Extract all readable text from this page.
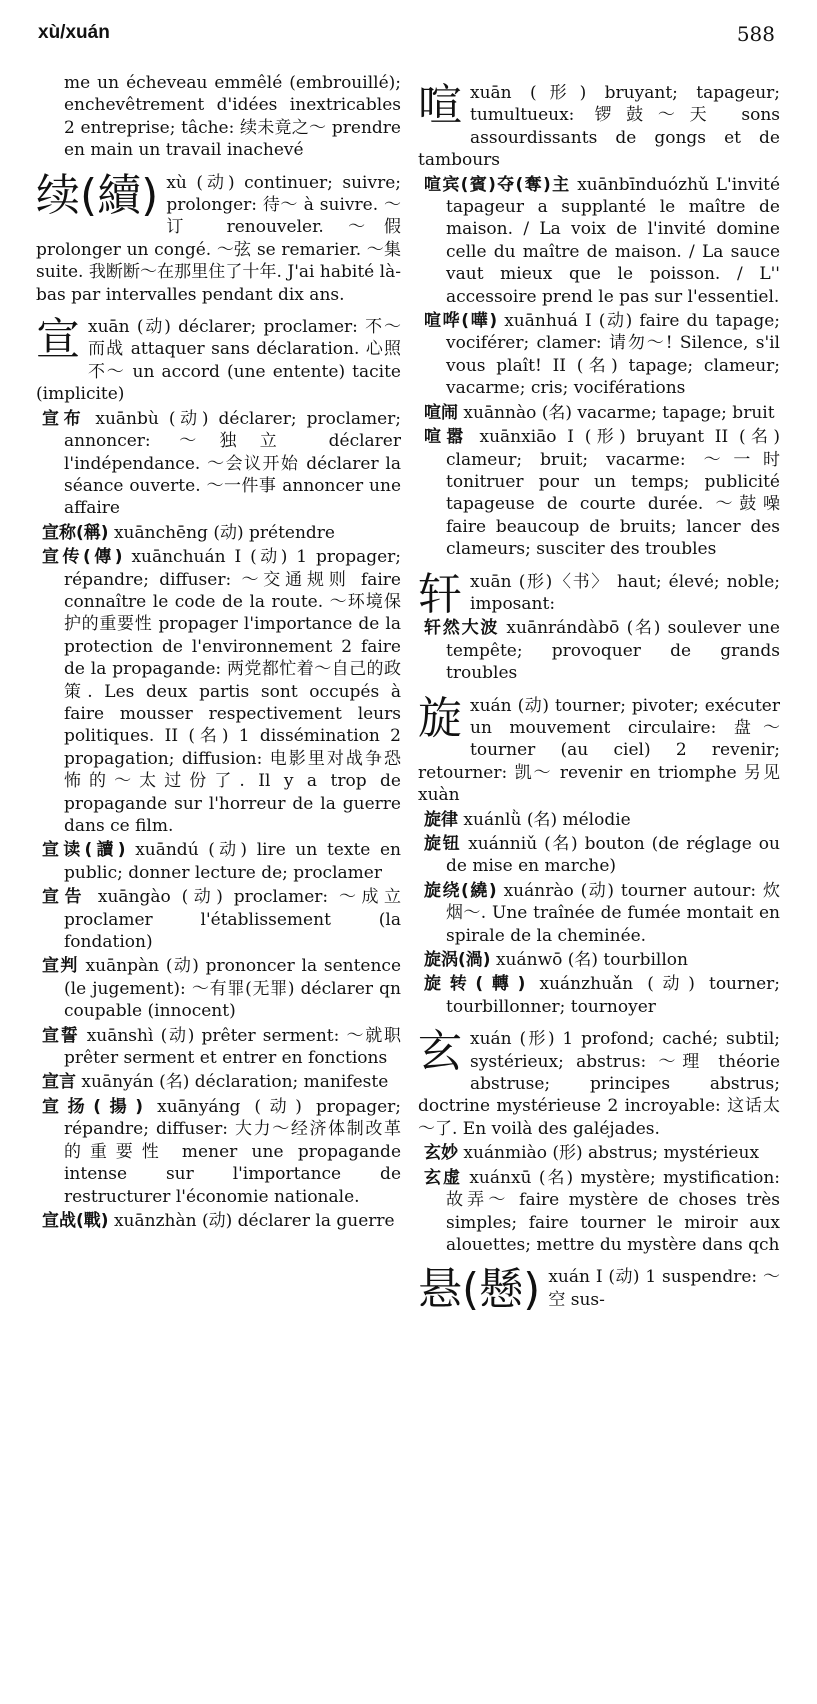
xù/xuán	588
me un écheveau emmêlé (embrouillé); enchevêtrement d'idées inextricables 2 entreprise; tâche: 续未竟之～ prendre en main un travail inachevé
续(續) xù (动) continuer; suivre; prolonger: 待～ à suivre. ～订 renouveler. ～假 prolonger un congé. ～弦 se remarier. ～集 suite. 我断断～在那里住了十年. J'ai habité là-bas par intervalles pendant dix ans.
宣xuān (动) déclarer; proclamer: 不～而战 attaquer sans déclaration. 心照不～ un accord (une entente) tacite (implicite)
宣布 xuānbù (动) déclarer; proclamer; annoncer: ～独立 déclarer l'indépendance. ～会议开始 déclarer la séance ouverte. ～一件事 annoncer une affaire
宣称(稱) xuānchēng (动) prétendre
宣传(傳) xuānchuán I (动) 1 propager; répandre; diffuser: ～交通规则 faire connaître le code de la route. ～环境保护的重要性 propager l'importance de la protection de l'environnement 2 faire de la propagande: 两党都忙着～自己的政策. Les deux partis sont occupés à faire mousser respectivement leurs politiques. II (名) 1 dissémination 2 propagation; diffusion: 电影里对战争恐怖的～太过份了. Il y a trop de propagande sur l'horreur de la guerre dans ce film.
宣读(讀) xuāndú (动) lire un texte en public; donner lecture de; proclamer
宣告 xuāngào (动) proclamer: ～成立 proclamer l'établissement (la fondation)
宣判 xuānpàn (动) prononcer la sentence (le jugement): ～有罪(无罪) déclarer qn coupable (innocent)
宣誓 xuānshì (动) prêter serment: ～就职 prêter serment et entrer en fonctions
宣言 xuānyán (名) déclaration; manifeste
宣扬(揚) xuānyáng (动) propager; répandre; diffuser: 大力～经济体制改革的重要性 mener une propagande intense sur l'importance de restructurer l'économie nationale.
宣战(戰) xuānzhàn (动) déclarer la guerre
喧xuān (形) bruyant; tapageur; tumultueux: 锣鼓～天 sons assourdissants de gongs et de tambours
喧宾(賓)夺(奪)主 xuānbīnduózhǔ L'invité tapageur a supplanté le maître de maison. / La voix de l'invité domine celle du maître de maison. / La sauce vaut mieux que le poisson. / L'' accessoire prend le pas sur l'essentiel.
喧哗(嘩) xuānhuá I (动) faire du tapage; vociférer; clamer: 请勿～! Silence, s'il vous plaît! II (名) tapage; clameur; vacarme; cris; vociférations
喧闹 xuānnào (名) vacarme; tapage; bruit
喧嚣 xuānxiāo I (形) bruyant II (名) clameur; bruit; vacarme: ～一时 tonitruer pour un temps; publicité tapageuse de courte durée. ～鼓噪 faire beaucoup de bruits; lancer des clameurs; susciter des troubles
轩xuān (形)〈书〉 haut; élevé; noble; imposant:
轩然大波 xuānrándàbō (名) soulever une tempête; provoquer de grands troubles
旋xuán (动) tourner; pivoter; exécuter un mouvement circulaire: 盘～ tourner (au ciel) 2 revenir; retourner: 凯～ revenir en triomphe 另见 xuàn
旋律 xuánlǜ (名) mélodie
旋钮 xuánniǔ (名) bouton (de réglage ou de mise en marche)
旋绕(繞) xuánrào (动) tourner autour: 炊烟～. Une traînée de fumée montait en spirale de la cheminée.
旋涡(渦) xuánwō (名) tourbillon
旋转(轉) xuánzhuǎn (动) tourner; tourbillonner; tournoyer
玄xuán (形) 1 profond; caché; subtil; systérieux; abstrus: ～理 théorie abstruse; principes abstrus; doctrine mystérieuse 2 incroyable: 这话太～了. En voilà des galéjades.
玄妙 xuánmiào (形) abstrus; mystérieux
玄虚 xuánxū (名) mystère; mystification: 故弄～ faire mystère de choses très simples; faire tourner le miroir aux alouettes; mettre du mystère dans qch
悬(懸) xuán I (动) 1 suspendre: ～空 sus-
